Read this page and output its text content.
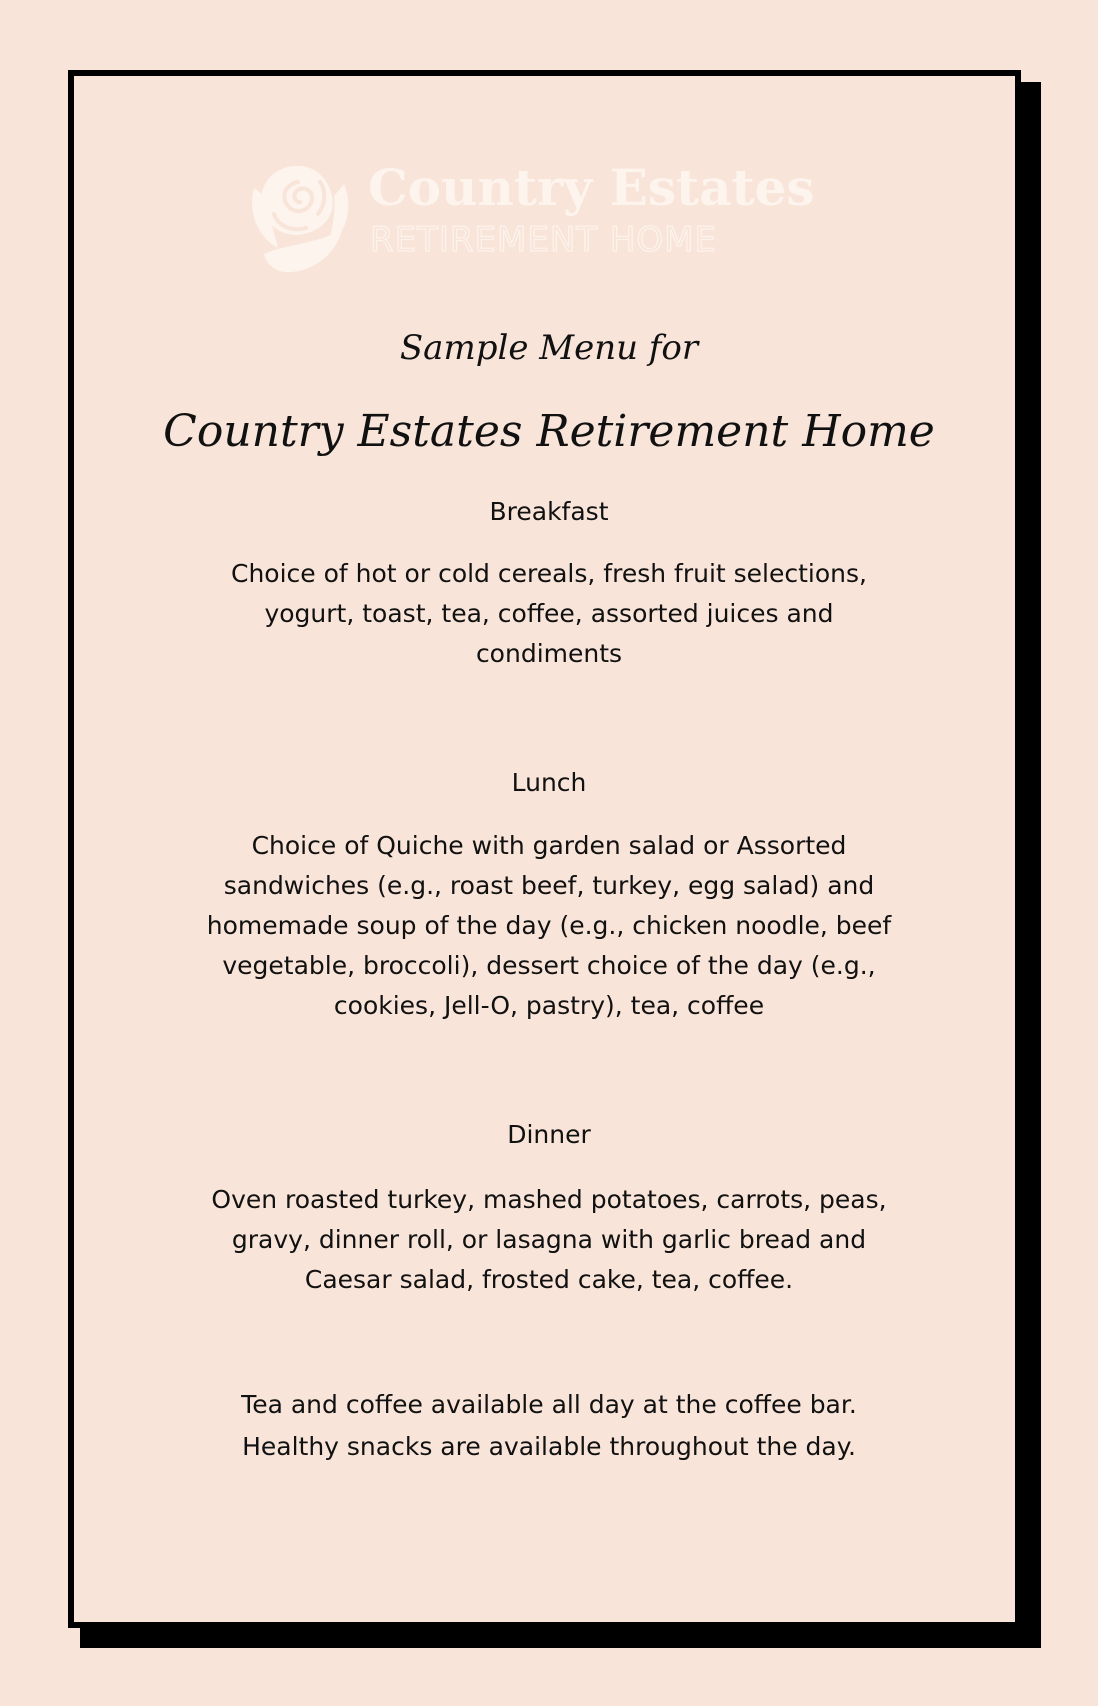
Country Estates
RETIREMENT HOME
Sample Menu for
Country Estates Retirement Home
Breakfast
Choice of hot or cold cereals, fresh fruit selections, yogurt, toast, tea, coffee, assorted juices and condiments
Lunch
Choice of Quiche with garden salad or Assorted sandwiches (e.g., roast beef, turkey, egg salad) and homemade soup of the day (e.g., chicken noodle, beef vegetable, broccoli), dessert choice of the day (e.g., cookies, Jell-O, pastry), tea, coffee
Dinner
Oven roasted turkey, mashed potatoes, carrots, peas, gravy, dinner roll, or lasagna with garlic bread and Caesar salad, frosted cake, tea, coffee.
Tea and coffee available all day at the coffee bar.
Healthy snacks are available throughout the day.
